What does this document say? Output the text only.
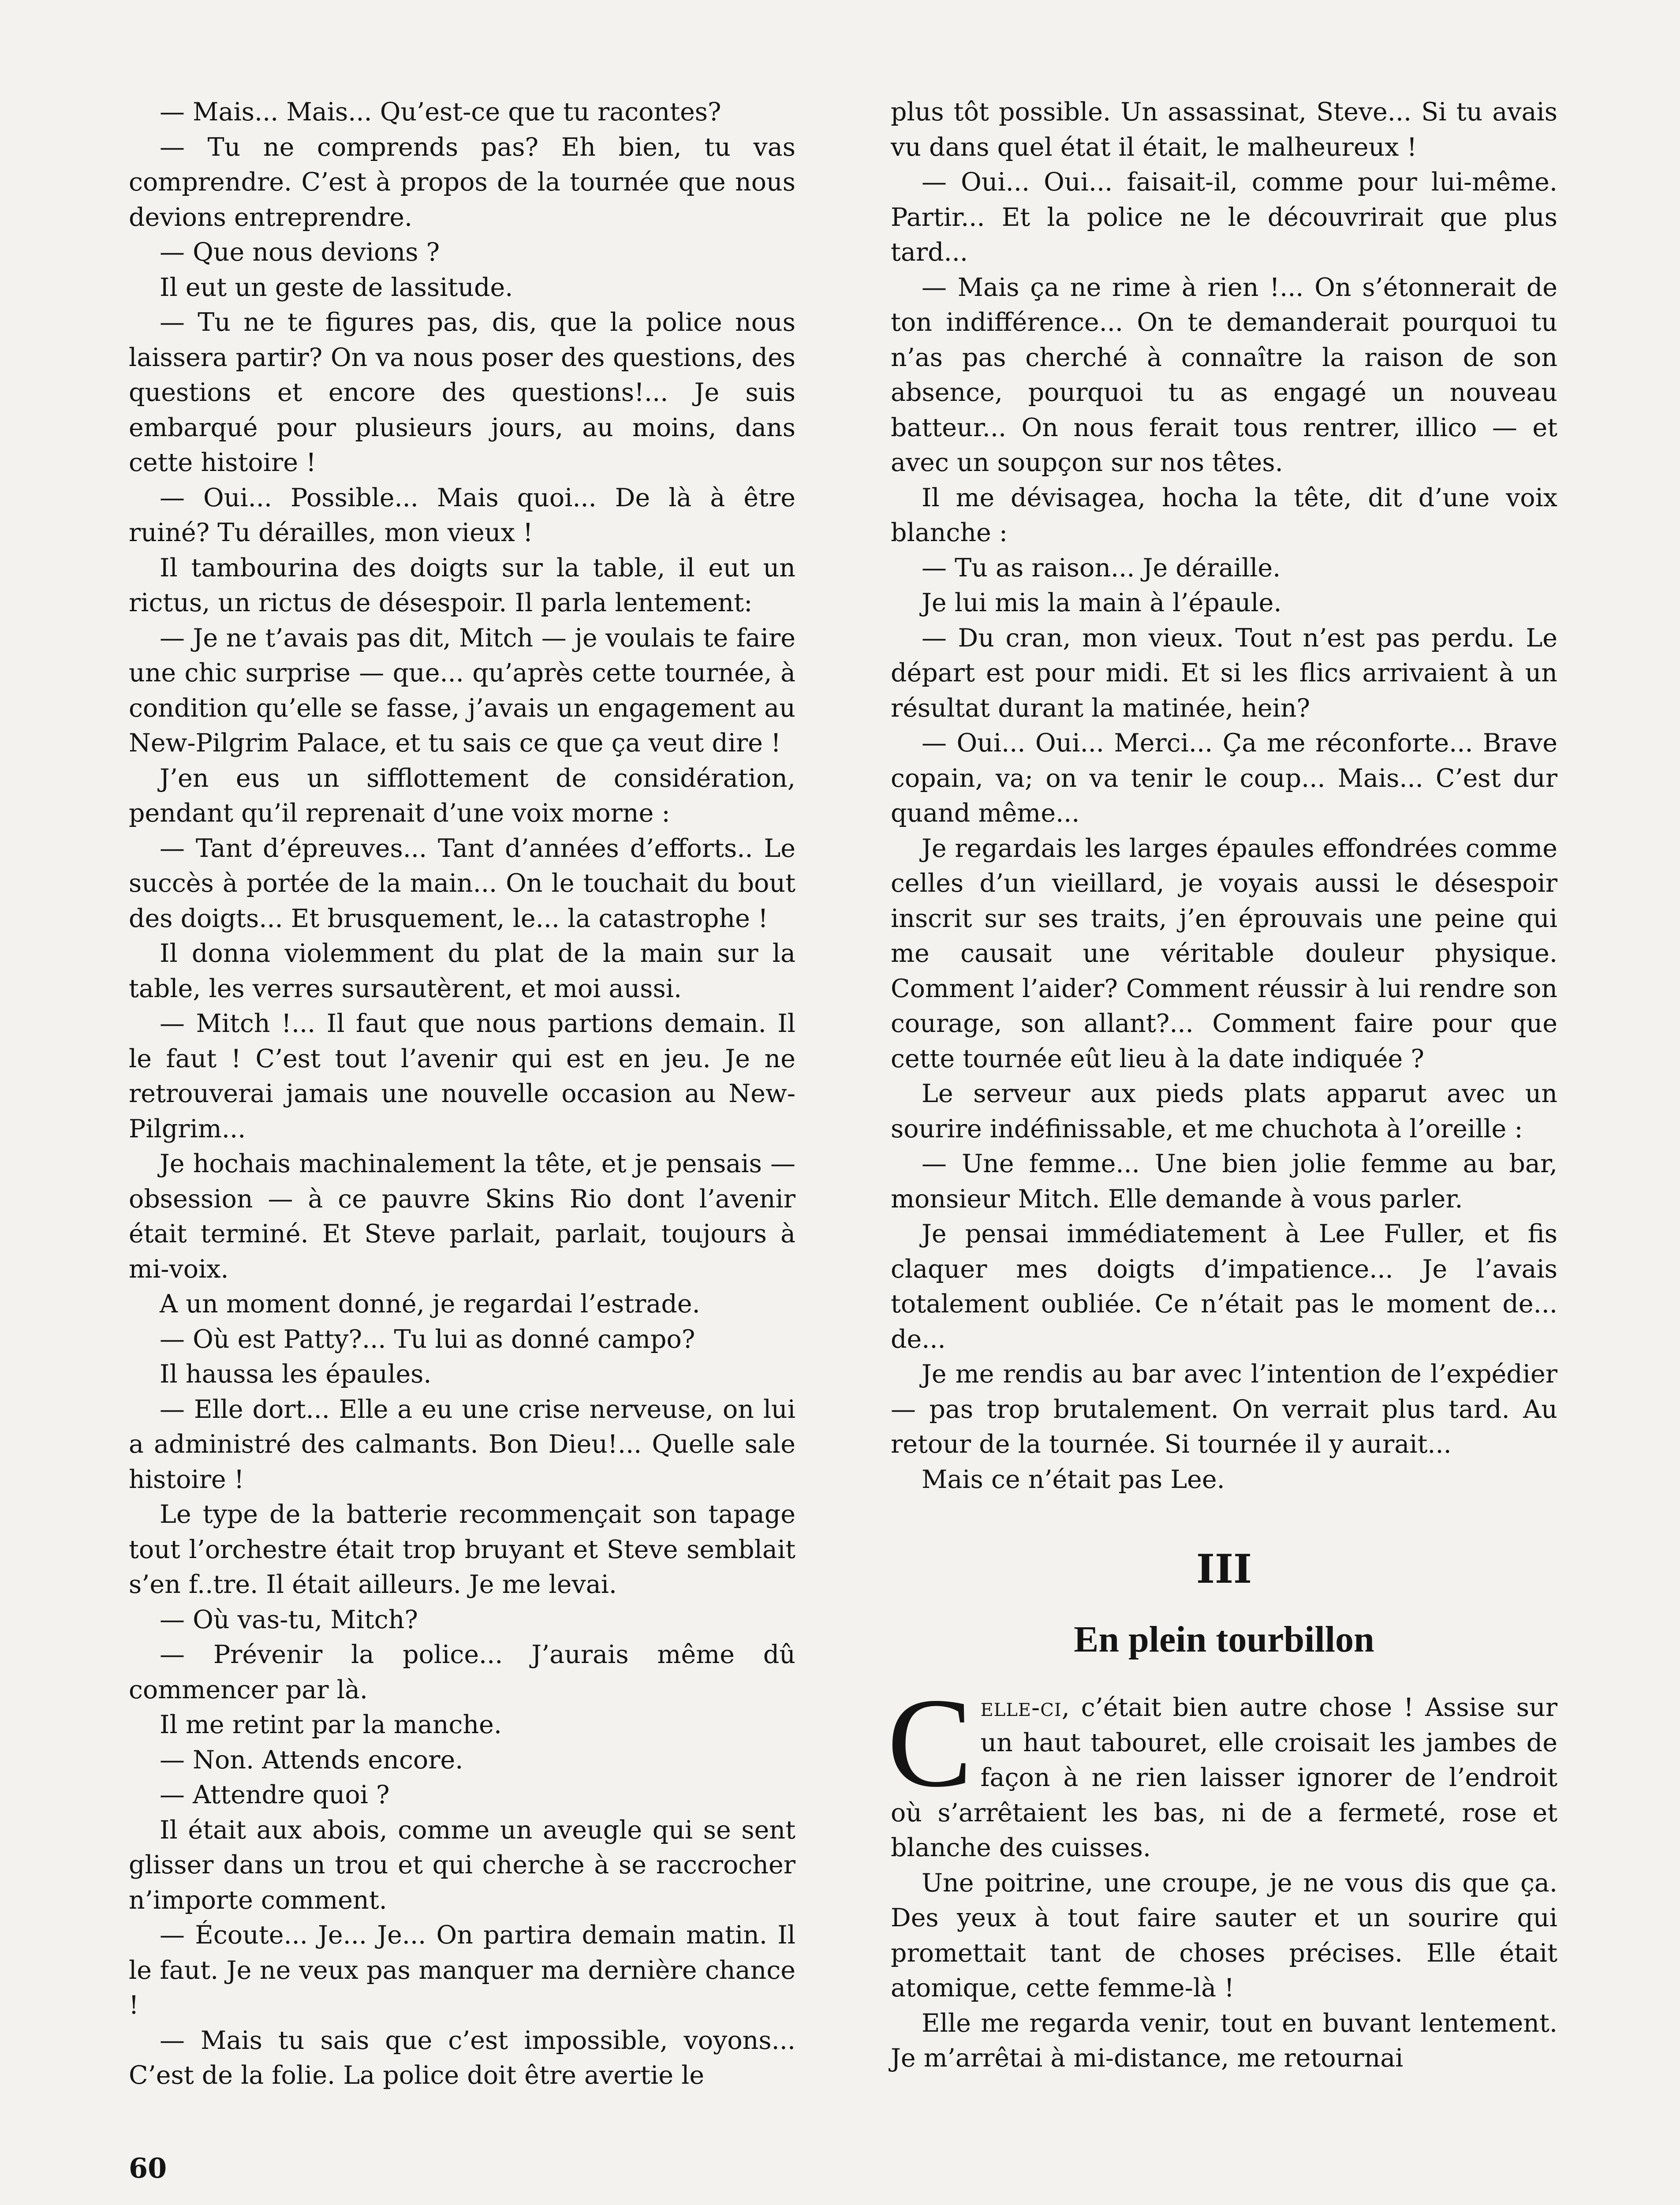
— Mais... Mais... Qu’est-ce que tu racontes?

— Tu ne comprends pas? Eh bien, tu vas comprendre. C’est à propos de la tournée que nous devions entreprendre.

— Que nous devions ?

Il eut un geste de lassitude.

— Tu ne te figures pas, dis, que la police nous laissera partir? On va nous poser des questions, des questions et encore des questions!... Je suis embarqué pour plusieurs jours, au moins, dans cette histoire !

— Oui... Possible... Mais quoi... De là à être ruiné? Tu dérailles, mon vieux !

Il tambourina des doigts sur la table, il eut un rictus, un rictus de désespoir. Il parla lentement:

— Je ne t’avais pas dit, Mitch — je voulais te faire une chic surprise — que... qu’après cette tournée, à condition qu’elle se fasse, j’avais un engagement au New-Pilgrim Palace, et tu sais ce que ça veut dire !

J’en eus un sifflottement de considération, pendant qu’il reprenait d’une voix morne :

— Tant d’épreuves... Tant d’années d’efforts.. Le succès à portée de la main... On le touchait du bout des doigts... Et brusquement, le... la catastrophe !

Il donna violemment du plat de la main sur la table, les verres sursautèrent, et moi aussi.

— Mitch !... Il faut que nous partions demain. Il le faut ! C’est tout l’avenir qui est en jeu. Je ne retrouverai jamais une nouvelle occasion au New-Pilgrim...

Je hochais machinalement la tête, et je pensais — obsession — à ce pauvre Skins Rio dont l’avenir était terminé. Et Steve parlait, parlait, toujours à mi-voix.

A un moment donné, je regardai l’estrade.

— Où est Patty?... Tu lui as donné campo?

Il haussa les épaules.

— Elle dort... Elle a eu une crise nerveuse, on lui a administré des calmants. Bon Dieu!... Quelle sale histoire !

Le type de la batterie recommençait son tapage tout l’orchestre était trop bruyant et Steve semblait s’en f..tre. Il était ailleurs. Je me levai.

— Où vas-tu, Mitch?

— Prévenir la police... J’aurais même dû commencer par là.

Il me retint par la manche.

— Non. Attends encore.

— Attendre quoi ?

Il était aux abois, comme un aveugle qui se sent glisser dans un trou et qui cherche à se raccrocher n’importe comment.

— Écoute... Je... Je... On partira demain matin. Il le faut. Je ne veux pas manquer ma dernière chance !

— Mais tu sais que c’est impossible, voyons... C’est de la folie. La police doit être avertie le

plus tôt possible. Un assassinat, Steve... Si tu avais vu dans quel état il était, le malheureux !

— Oui... Oui... faisait-il, comme pour lui-même. Partir... Et la police ne le découvrirait que plus tard...

— Mais ça ne rime à rien !... On s’étonnerait de ton indifférence... On te demanderait pourquoi tu n’as pas cherché à connaître la raison de son absence, pourquoi tu as engagé un nouveau batteur... On nous ferait tous rentrer, illico — et avec un soupçon sur nos têtes.

Il me dévisagea, hocha la tête, dit d’une voix blanche :

— Tu as raison... Je déraille.

Je lui mis la main à l’épaule.

— Du cran, mon vieux. Tout n’est pas perdu. Le départ est pour midi. Et si les flics arrivaient à un résultat durant la matinée, hein?

— Oui... Oui... Merci... Ça me réconforte... Brave copain, va; on va tenir le coup... Mais... C’est dur quand même...

Je regardais les larges épaules effondrées comme celles d’un vieillard, je voyais aussi le désespoir inscrit sur ses traits, j’en éprouvais une peine qui me causait une véritable douleur physique. Comment l’aider? Comment réussir à lui rendre son courage, son allant?... Comment faire pour que cette tournée eût lieu à la date indiquée ?

Le serveur aux pieds plats apparut avec un sourire indéfinissable, et me chuchota à l’oreille :

— Une femme... Une bien jolie femme au bar, monsieur Mitch. Elle demande à vous parler.

Je pensai immédiatement à Lee Fuller, et fis claquer mes doigts d’impatience... Je l’avais totalement oubliée. Ce n’était pas le moment de... de...

Je me rendis au bar avec l’intention de l’expédier — pas trop brutalement. On verrait plus tard. Au retour de la tournée. Si tournée il y aurait...

Mais ce n’était pas Lee.

III
En plein tourbillon

Celle-ci, c’était bien autre chose ! Assise sur un haut tabouret, elle croisait les jambes de façon à ne rien laisser ignorer de l’endroit où s’arrêtaient les bas, ni de a fermeté, rose et blanche des cuisses.

Une poitrine, une croupe, je ne vous dis que ça. Des yeux à tout faire sauter et un sourire qui promettait tant de choses précises. Elle était atomique, cette femme-là !

Elle me regarda venir, tout en buvant lentement. Je m’arrêtai à mi-distance, me retournai

60
